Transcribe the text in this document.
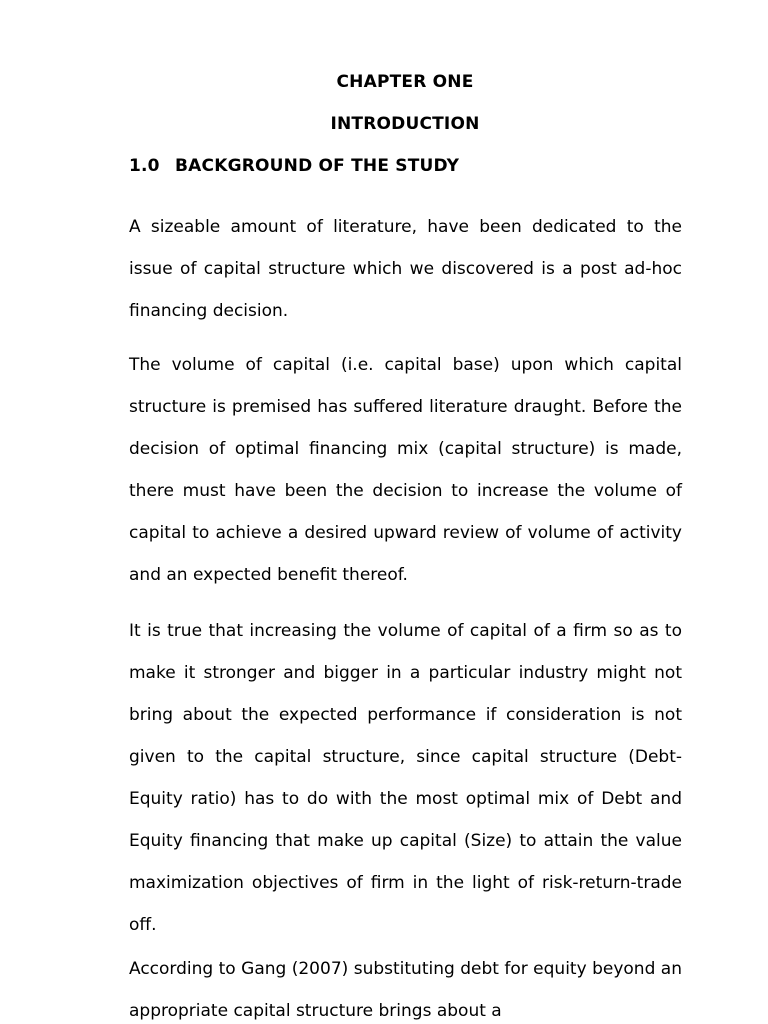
CHAPTER ONE
INTRODUCTION
1.0 BACKGROUND OF THE STUDY

A sizeable amount of literature, have been dedicated to the issue of capital structure which we discovered is a post ad-hoc financing decision.

The volume of capital (i.e. capital base) upon which capital structure is premised has suffered literature draught. Before the decision of optimal financing mix (capital structure) is made, there must have been the decision to increase the volume of capital to achieve a desired upward review of volume of activity and an expected benefit thereof.

It is true that increasing the volume of capital of a firm so as to make it stronger and bigger in a particular industry might not bring about the expected performance if consideration is not given to the capital structure, since capital structure (Debt-Equity ratio) has to do with the most optimal mix of Debt and Equity financing that make up capital (Size) to attain the value maximization objectives of firm in the light of risk-return-trade off.

According to Gang (2007) substituting debt for equity beyond an appropriate capital structure brings about a
